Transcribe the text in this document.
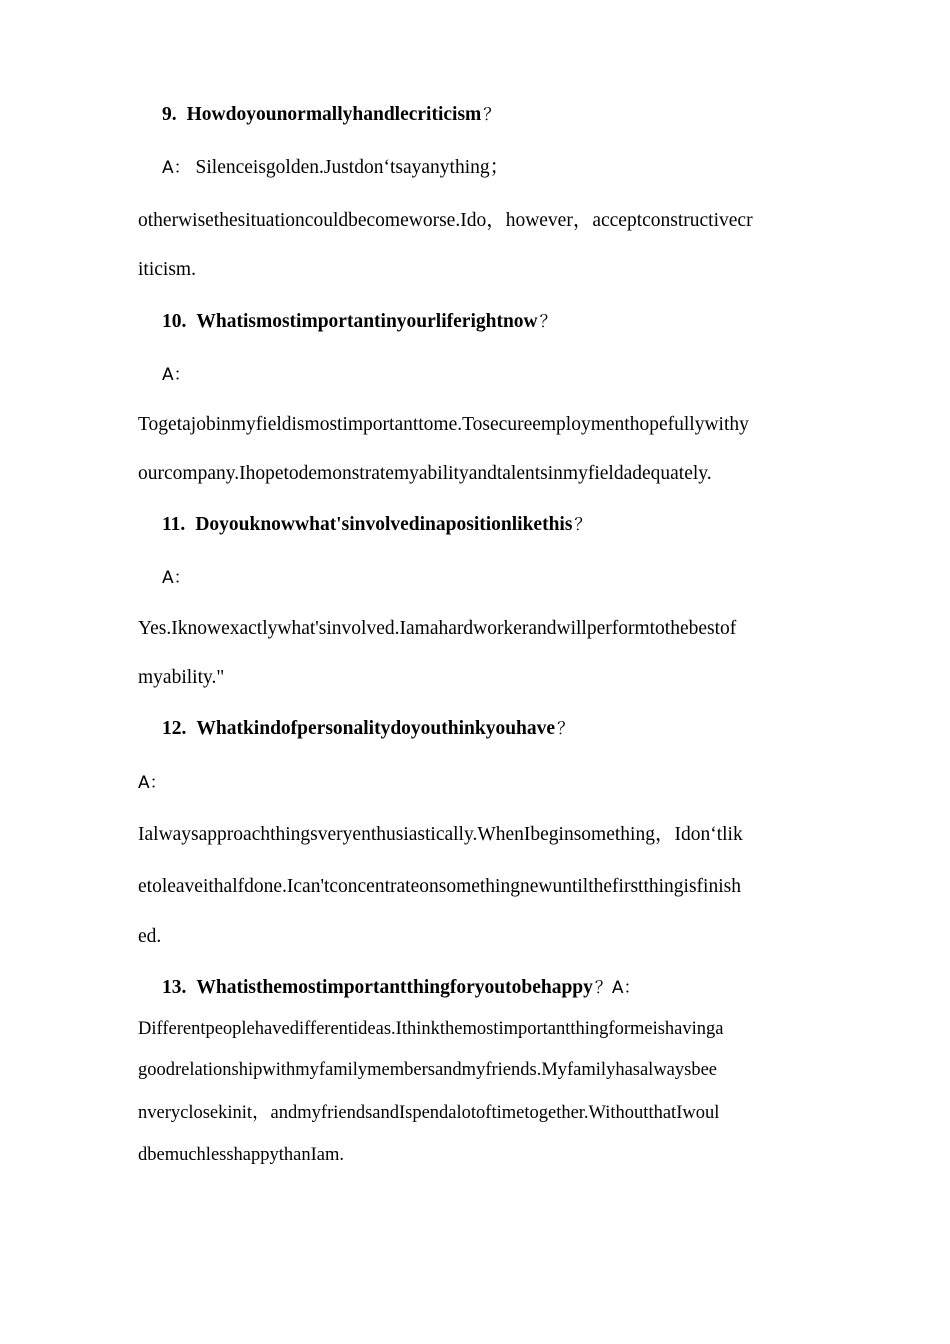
9. Howdoyounormallyhandlecriticism ？

A： Silenceisgolden.Justdon‘tsayanything；

otherwisethesituationcouldbecomeworse.Ido，however，acceptconstructivecr

iticism.

10. Whatismostimportantinyourliferightnow ？

A：

Togetajobinmyfieldismostimportanttome.Tosecureemploymenthopefullywithy

ourcompany.Ihopetodemonstratemyabilityandtalentsinmyfieldadequately.

11. Doyouknowwhat'sinvolvedinapositionlikethis ？

A：

Yes.Iknowexactlywhat'sinvolved.Iamahardworkerandwillperformtothebestof

myability."

12. Whatkindofpersonalitydoyouthinkyouhave ？

A：

Ialwaysapproachthingsveryenthusiastically.WhenIbeginsomething，Idon‘tlik

etoleaveithalfdone.Ican'tconcentrateonsomethingnewuntilthefirstthingisfinish

ed.

13. Whatisthemostimportantthingforyoutobehappy ？A：

Differentpeoplehavedifferentideas.Ithinkthemostimportantthingformeishavinga

goodrelationshipwithmyfamilymembersandmyfriends.Myfamilyhasalwaysbee

nveryclosekinit，andmyfriendsandIspendalotoftimetogether.WithoutthatIwoul

dbemuchlesshappythanIam.
